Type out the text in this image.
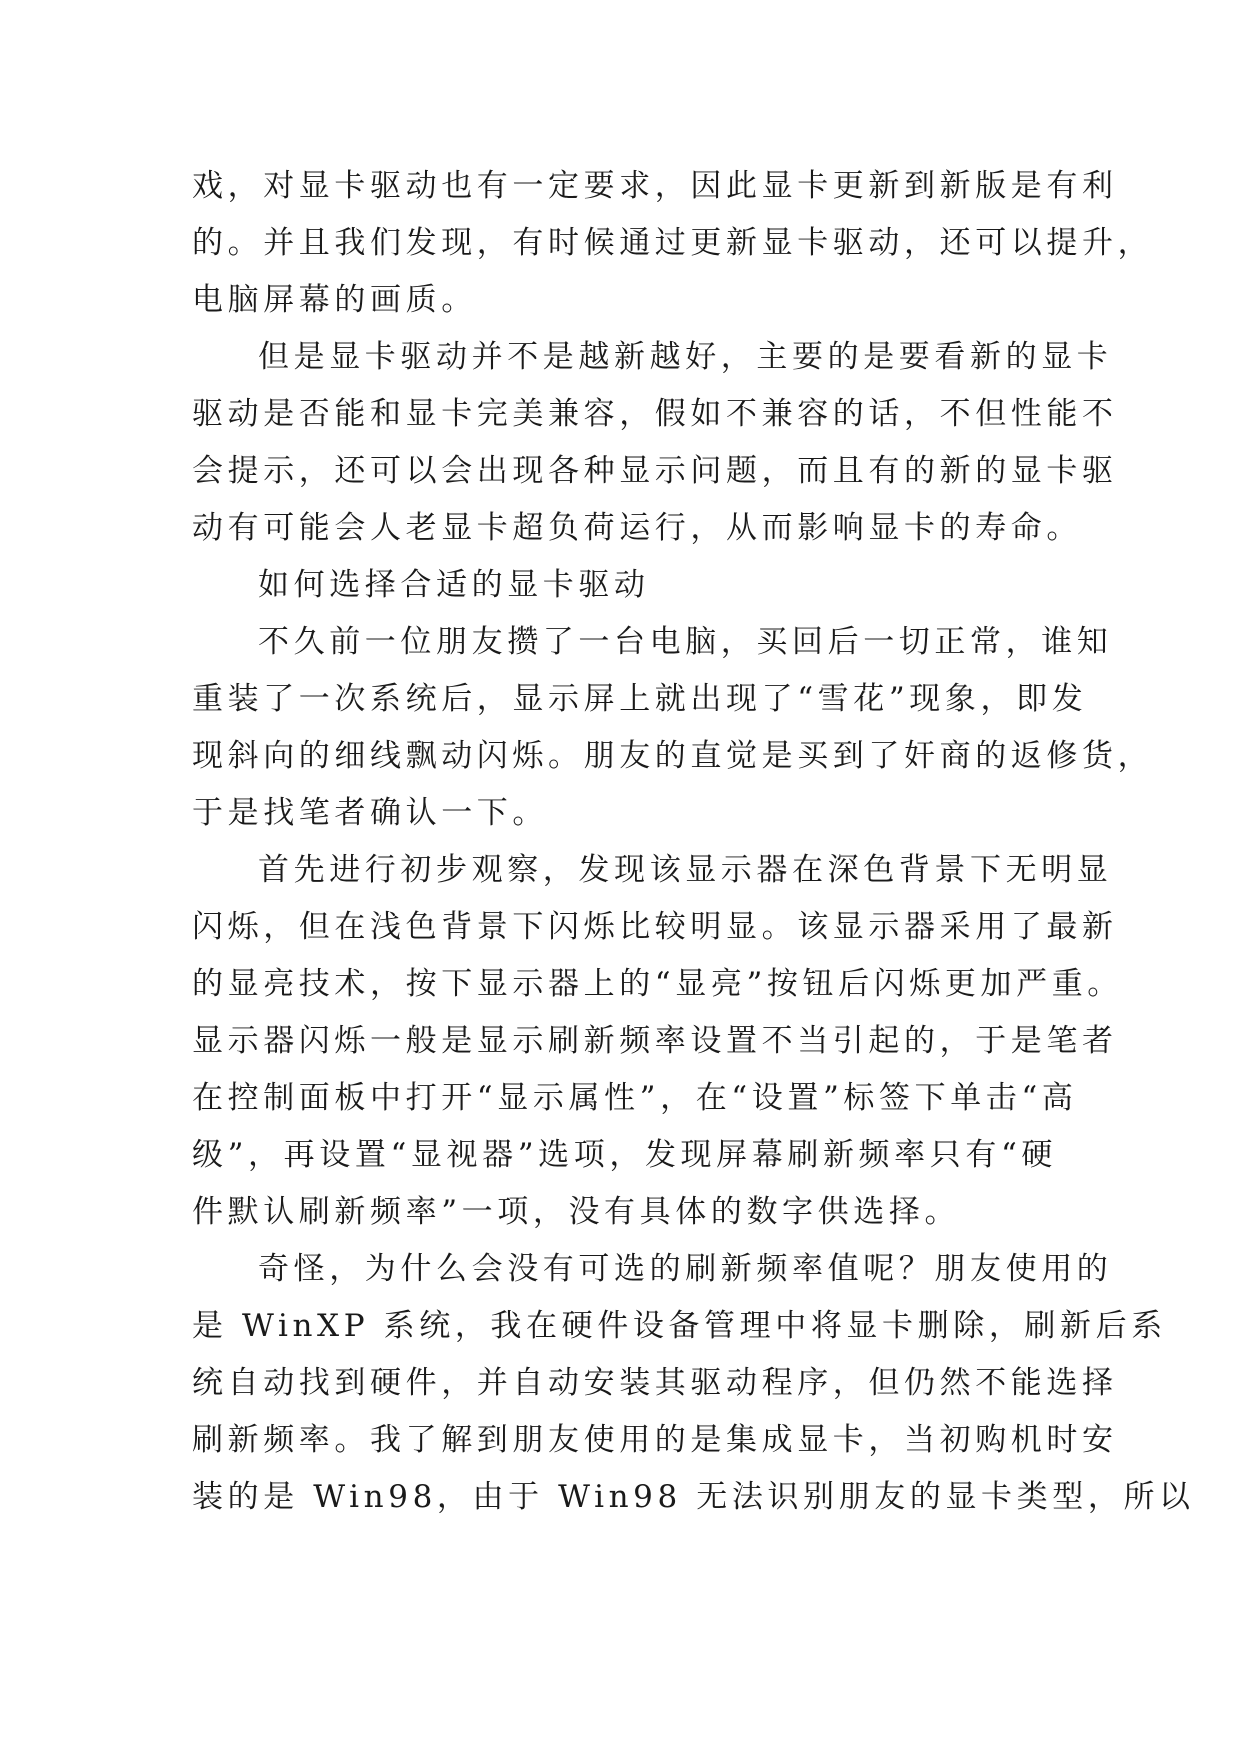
戏，对显卡驱动也有一定要求，因此显卡更新到新版是有利
的。并且我们发现，有时候通过更新显卡驱动，还可以提升，
电脑屏幕的画质。
但是显卡驱动并不是越新越好，主要的是要看新的显卡
驱动是否能和显卡完美兼容，假如不兼容的话，不但性能不
会提示，还可以会出现各种显示问题，而且有的新的显卡驱
动有可能会人老显卡超负荷运行，从而影响显卡的寿命。
如何选择合适的显卡驱动
不久前一位朋友攒了一台电脑，买回后一切正常，谁知
重装了一次系统后，显示屏上就出现了“雪花”现象，即发
现斜向的细线飘动闪烁。朋友的直觉是买到了奸商的返修货，
于是找笔者确认一下。
首先进行初步观察，发现该显示器在深色背景下无明显
闪烁，但在浅色背景下闪烁比较明显。该显示器采用了最新
的显亮技术，按下显示器上的“显亮”按钮后闪烁更加严重。
显示器闪烁一般是显示刷新频率设置不当引起的，于是笔者
在控制面板中打开“显示属性”，在“设置”标签下单击“高
级”，再设置“显视器”选项，发现屏幕刷新频率只有“硬
件默认刷新频率”一项，没有具体的数字供选择。
奇怪，为什么会没有可选的刷新频率值呢？朋友使用的
是 WinXP 系统，我在硬件设备管理中将显卡删除，刷新后系
统自动找到硬件，并自动安装其驱动程序，但仍然不能选择
刷新频率。我了解到朋友使用的是集成显卡，当初购机时安
装的是 Win98，由于 Win98 无法识别朋友的显卡类型，所以
